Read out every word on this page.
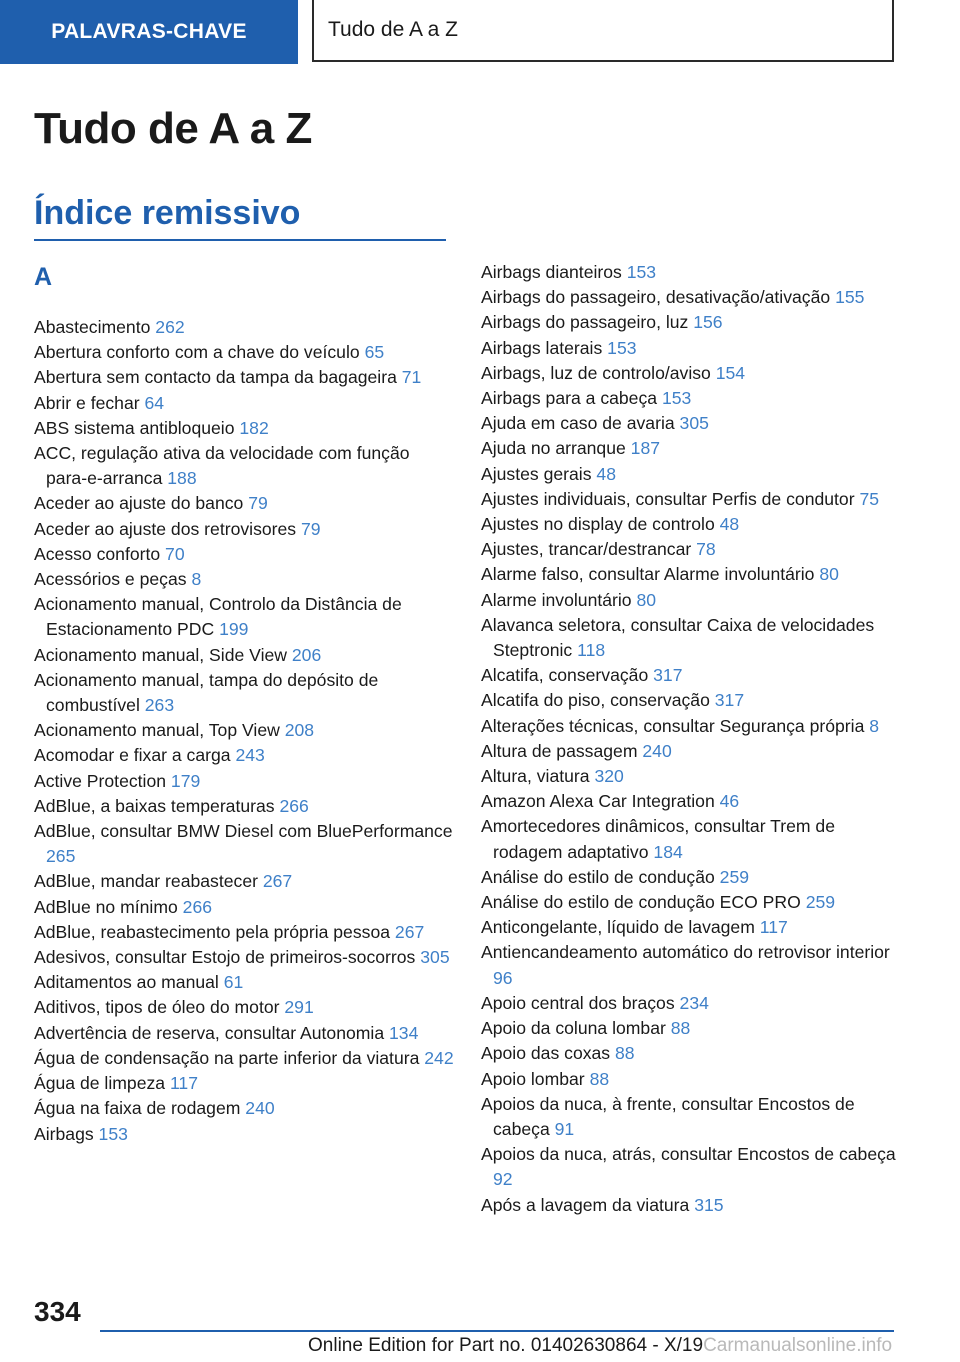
PALAVRAS-CHAVE	Tudo de A a Z
Tudo de A a Z
Índice remissivo
A
Abastecimento 262
Abertura conforto com a chave do veículo 65
Abertura sem contacto da tampa da bagageira 71
Abrir e fechar 64
ABS sistema antibloqueio 182
ACC, regulação ativa da velocidade com função para-e-arranca 188
Aceder ao ajuste do banco 79
Aceder ao ajuste dos retrovisores 79
Acesso conforto 70
Acessórios e peças 8
Acionamento manual, Controlo da Distância de Estacionamento PDC 199
Acionamento manual, Side View 206
Acionamento manual, tampa do depósito de combustível 263
Acionamento manual, Top View 208
Acomodar e fixar a carga 243
Active Protection 179
AdBlue, a baixas temperaturas 266
AdBlue, consultar BMW Diesel com BluePerformance 265
AdBlue, mandar reabastecer 267
AdBlue no mínimo 266
AdBlue, reabastecimento pela própria pessoa 267
Adesivos, consultar Estojo de primeiros-socorros 305
Aditamentos ao manual 61
Aditivos, tipos de óleo do motor 291
Advertência de reserva, consultar Autonomia 134
Água de condensação na parte inferior da viatura 242
Água de limpeza 117
Água na faixa de rodagem 240
Airbags 153
Airbags dianteiros 153
Airbags do passageiro, desativação/ativação 155
Airbags do passageiro, luz 156
Airbags laterais 153
Airbags, luz de controlo/aviso 154
Airbags para a cabeça 153
Ajuda em caso de avaria 305
Ajuda no arranque 187
Ajustes gerais 48
Ajustes individuais, consultar Perfis de condutor 75
Ajustes no display de controlo 48
Ajustes, trancar/destrancar 78
Alarme falso, consultar Alarme involuntário 80
Alarme involuntário 80
Alavanca seletora, consultar Caixa de velocidades Steptronic 118
Alcatifa, conservação 317
Alcatifa do piso, conservação 317
Alterações técnicas, consultar Segurança própria 8
Altura de passagem 240
Altura, viatura 320
Amazon Alexa Car Integration 46
Amortecedores dinâmicos, consultar Trem de rodagem adaptativo 184
Análise do estilo de condução 259
Análise do estilo de condução ECO PRO 259
Anticongelante, líquido de lavagem 117
Antiencandeamento automático do retrovisor interior 96
Apoio central dos braços 234
Apoio da coluna lombar 88
Apoio das coxas 88
Apoio lombar 88
Apoios da nuca, à frente, consultar Encostos de cabeça 91
Apoios da nuca, atrás, consultar Encostos de cabeça 92
Após a lavagem da viatura 315
334
Online Edition for Part no. 01402630864 - X/19Carmanualsonline.info
